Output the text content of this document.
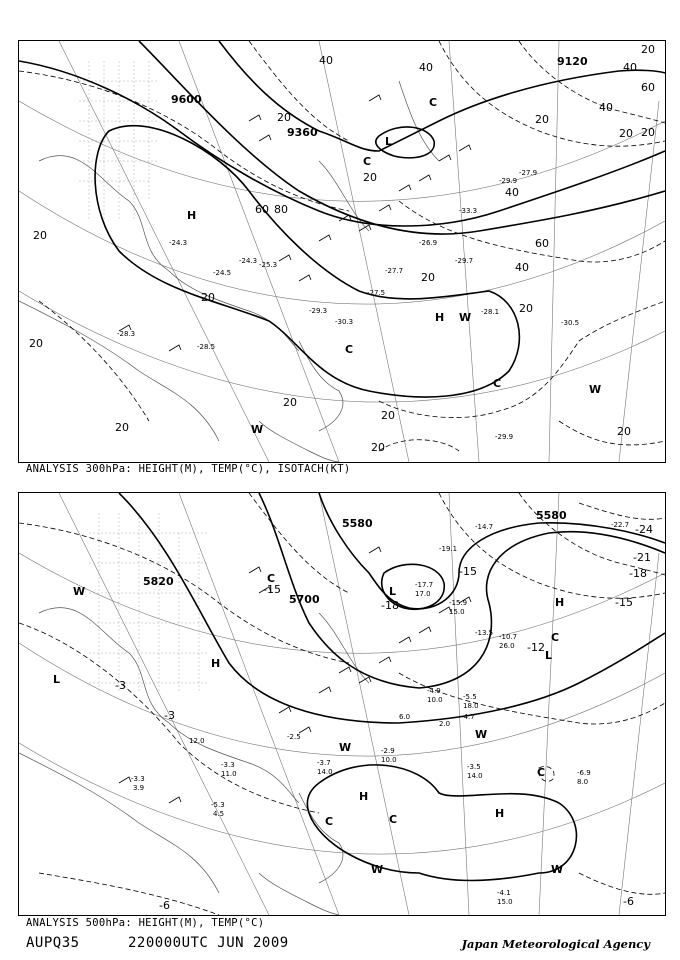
9600
9360
9120
20
40
60 80
20
40
20
40
60
20
20
40
20
20
20
20
20
20
40
20
40
60
20
20
20
20
H
H
C
L
C
C
W
C
W
W
-28.3
-28.5
-30.3
-28.1
-30.5
-29.9
-26.9
-29.7
-27.7
-27.5
-24.5
-24.3 -25.3
-33.3
-29.9
-27.9
-24.3
-29.3
ANALYSIS 300hPa: HEIGHT(M), TEMP(°C), ISOTACH(KT)
5820
5700
5580
5580
-3
-3
-15
-15	-18
-21
-24
-15
-18
-12
-6	-6
W
L
H
C
L
H
L
C
H
C	H
C
W
W	W
W
C
-3.3
-5.3
-4.1
-3.5
-2.9
-6.9
-4.7
-5.5
-13.5
-15.9
-10.7
-14.7	-22.7
-19.1
-17.7
-3.3	-3.7
-2.5
-4.9
3.9
4.5
15.0
14.0
10.0
8.0
18.0
15.0
26.0
17.0
10.0
12.0
11.0	14.0
2.0
6.0
ANALYSIS 500hPa: HEIGHT(M), TEMP(°C)
AUPQ35	220000UTC JUN 2009	Japan Meteorological Agency
